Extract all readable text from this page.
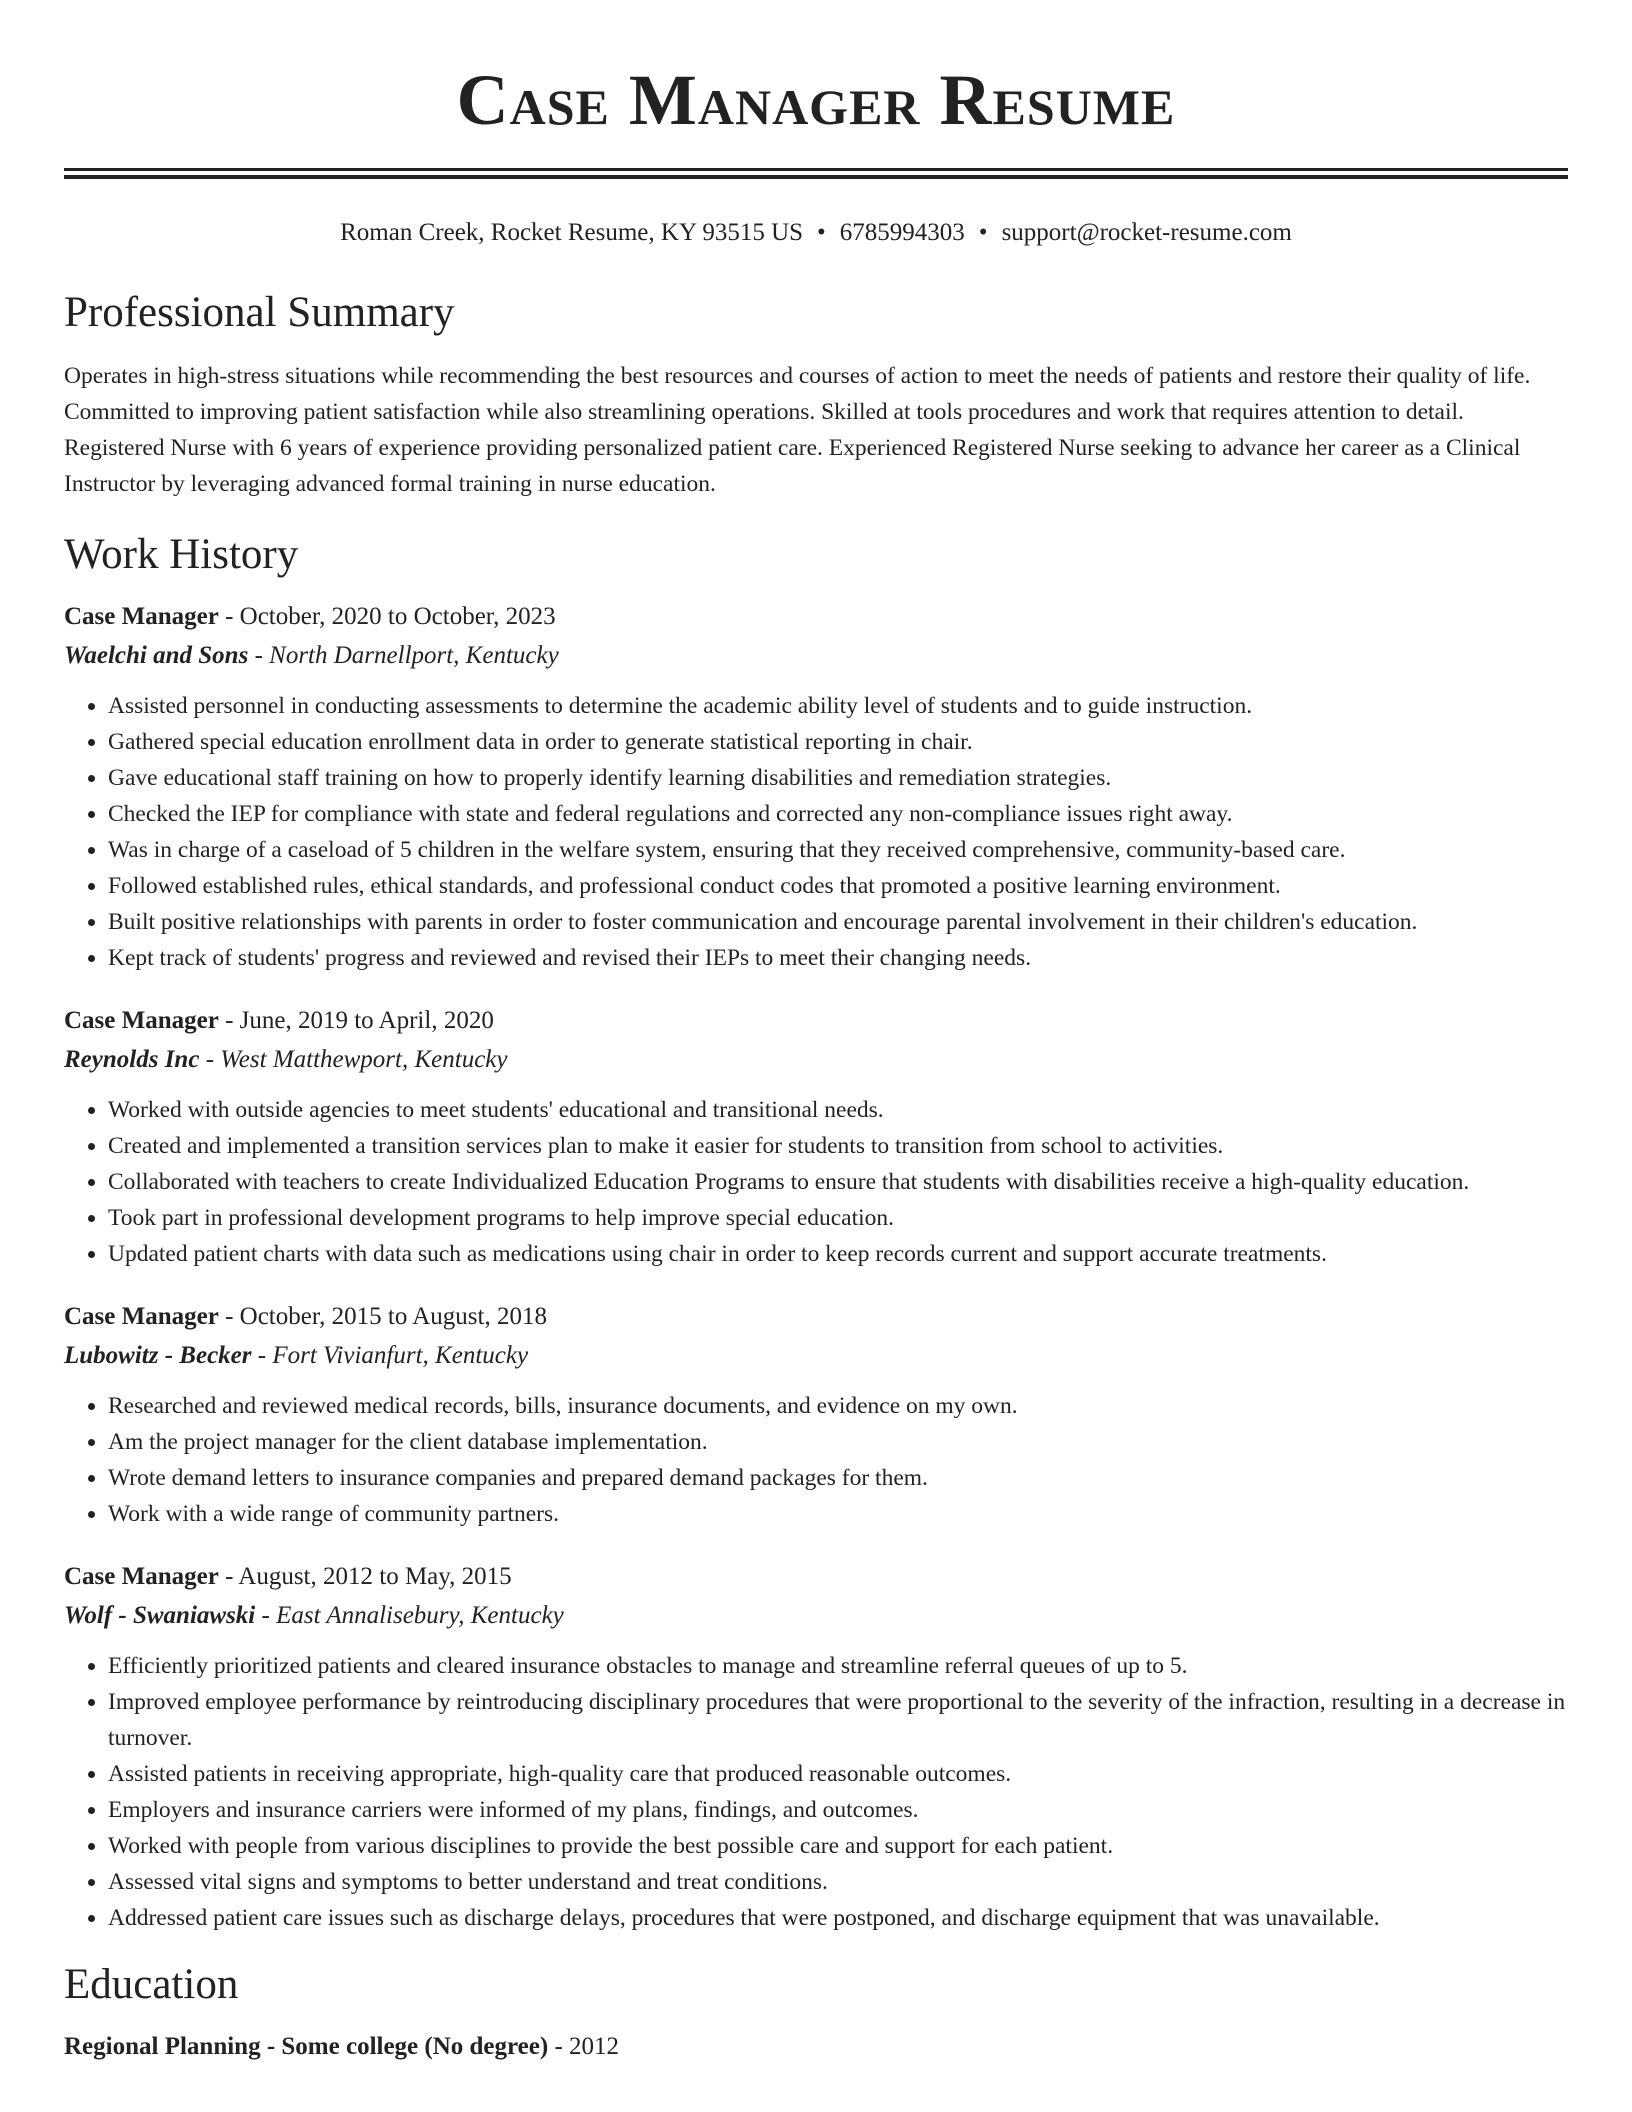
Case Manager Resume
Roman Creek, Rocket Resume, KY 93515 US • 6785994303 • support@rocket-resume.com
Professional Summary

Operates in high-stress situations while recommending the best resources and courses of action to meet the needs of patients and restore their quality of life. Committed to improving patient satisfaction while also streamlining operations. Skilled at tools procedures and work that requires attention to detail. Registered Nurse with 6 years of experience providing personalized patient care. Experienced Registered Nurse seeking to advance her career as a Clinical Instructor by leveraging advanced formal training in nurse education.

Work History
Case Manager - October, 2020 to October, 2023
Waelchi and Sons - North Darnellport, Kentucky
• Assisted personnel in conducting assessments to determine the academic ability level of students and to guide instruction.
• Gathered special education enrollment data in order to generate statistical reporting in chair.
• Gave educational staff training on how to properly identify learning disabilities and remediation strategies.
• Checked the IEP for compliance with state and federal regulations and corrected any non-compliance issues right away.
• Was in charge of a caseload of 5 children in the welfare system, ensuring that they received comprehensive, community-based care.
• Followed established rules, ethical standards, and professional conduct codes that promoted a positive learning environment.
• Built positive relationships with parents in order to foster communication and encourage parental involvement in their children's education.
• Kept track of students' progress and reviewed and revised their IEPs to meet their changing needs.
Case Manager - June, 2019 to April, 2020
Reynolds Inc - West Matthewport, Kentucky
• Worked with outside agencies to meet students' educational and transitional needs.
• Created and implemented a transition services plan to make it easier for students to transition from school to activities.
• Collaborated with teachers to create Individualized Education Programs to ensure that students with disabilities receive a high-quality education.
• Took part in professional development programs to help improve special education.
• Updated patient charts with data such as medications using chair in order to keep records current and support accurate treatments.
Case Manager - October, 2015 to August, 2018
Lubowitz - Becker - Fort Vivianfurt, Kentucky
• Researched and reviewed medical records, bills, insurance documents, and evidence on my own.
• Am the project manager for the client database implementation.
• Wrote demand letters to insurance companies and prepared demand packages for them.
• Work with a wide range of community partners.
Case Manager - August, 2012 to May, 2015
Wolf - Swaniawski - East Annalisebury, Kentucky
• Efficiently prioritized patients and cleared insurance obstacles to manage and streamline referral queues of up to 5.
• Improved employee performance by reintroducing disciplinary procedures that were proportional to the severity of the infraction, resulting in a decrease in turnover.
• Assisted patients in receiving appropriate, high-quality care that produced reasonable outcomes.
• Employers and insurance carriers were informed of my plans, findings, and outcomes.
• Worked with people from various disciplines to provide the best possible care and support for each patient.
• Assessed vital signs and symptoms to better understand and treat conditions.
• Addressed patient care issues such as discharge delays, procedures that were postponed, and discharge equipment that was unavailable.
Education
Regional Planning - Some college (No degree) - 2012
